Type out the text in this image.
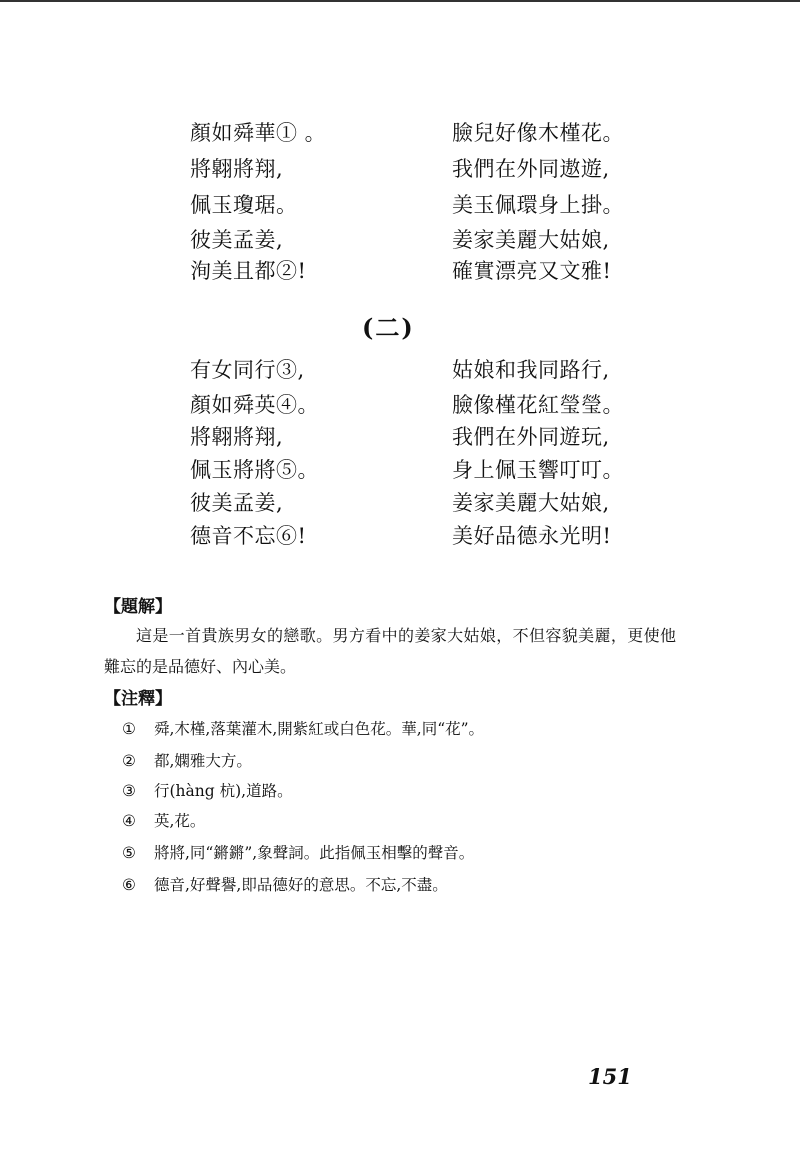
顏如舜華① 。
將翺將翔,
佩玉瓊琚。
彼美孟姜,
洵美且都②!
臉兒好像木槿花。
我們在外同遨遊,
美玉佩環身上掛。
姜家美麗大姑娘,
確實漂亮又文雅!
(二)
有女同行③,
顏如舜英④。
將翺將翔,
佩玉將將⑤。
彼美孟姜,
德音不忘⑥!
姑娘和我同路行,
臉像槿花紅瑩瑩。
我們在外同遊玩,
身上佩玉響叮叮。
姜家美麗大姑娘,
美好品德永光明!
【題解】
這是一首貴族男女的戀歌。男方看中的姜家大姑娘，不但容貌美麗，更使他難忘的是品德好、內心美。
【注釋】
① 舜,木槿,落葉灌木,開紫紅或白色花。華,同“花”。
② 都,嫻雅大方。
③ 行(hàng 杭),道路。
④ 英,花。
⑤ 將將,同“鏘鏘”,象聲詞。此指佩玉相擊的聲音。
⑥ 德音,好聲譽,即品德好的意思。不忘,不盡。
151
